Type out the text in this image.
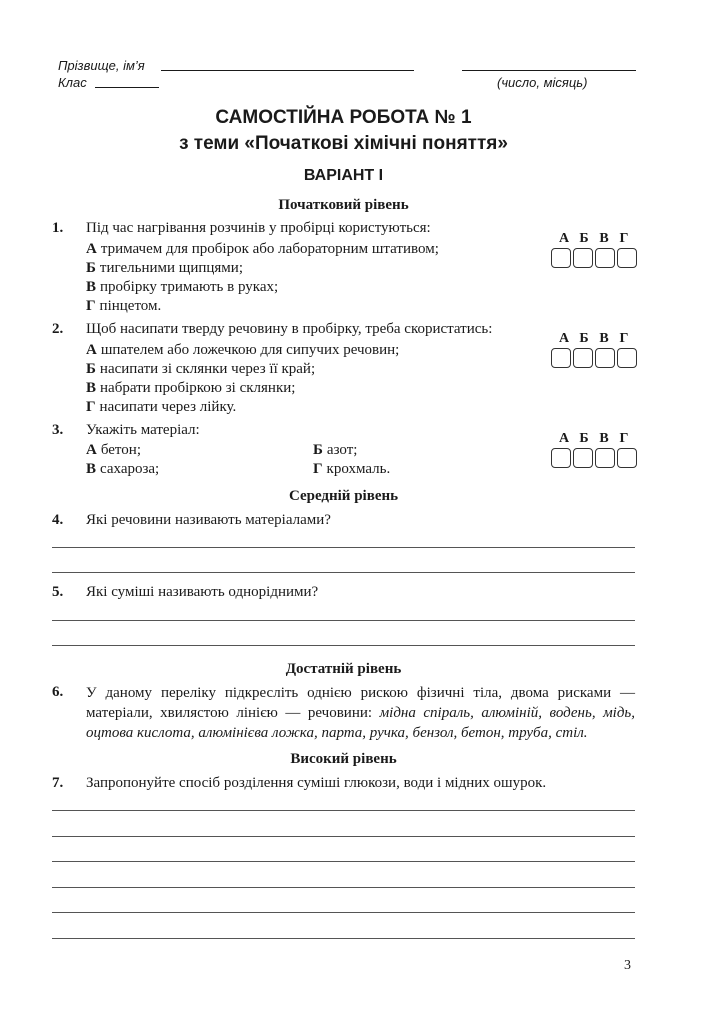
Прізвище, ім’я
Клас	(число, місяць)
САМОСТІЙНА РОБОТА № 1
з теми «Початкові хімічні поняття»
ВАРІАНТ І
Початковий рівень
1. Під час нагрівання розчинів у пробірці користуються:
А тримачем для пробірок або лабораторним штативом;
Б тигельними щипцями;
В пробірку тримають в руках;
Г пінцетом.
А Б В Г
2. Щоб насипати тверду речовину в пробірку, треба скористатись:
А шпателем або ложечкою для сипучих речовин;
Б насипати зі склянки через її край;
В набрати пробіркою зі склянки;
Г насипати через лійку.
А Б В Г
3. Укажіть матеріал:
А бетон;	Б азот;
В сахароза;	Г крохмаль.
А Б В Г
Середній рівень
4. Які речовини називають матеріалами?
5. Які суміші називають однорідними?
Достатній рівень
6. У даному переліку підкресліть однією рискою фізичні тіла, двома рисками — матеріали, хвилястою лінією — речовини: мідна спіраль, алюміній, водень, мідь, оцтова кислота, алюмінієва ложка, парта, ручка, бензол, бетон, труба, стіл.
Високий рівень
7. Запропонуйте спосіб розділення суміші глюкози, води і мідних ошурок.
3
